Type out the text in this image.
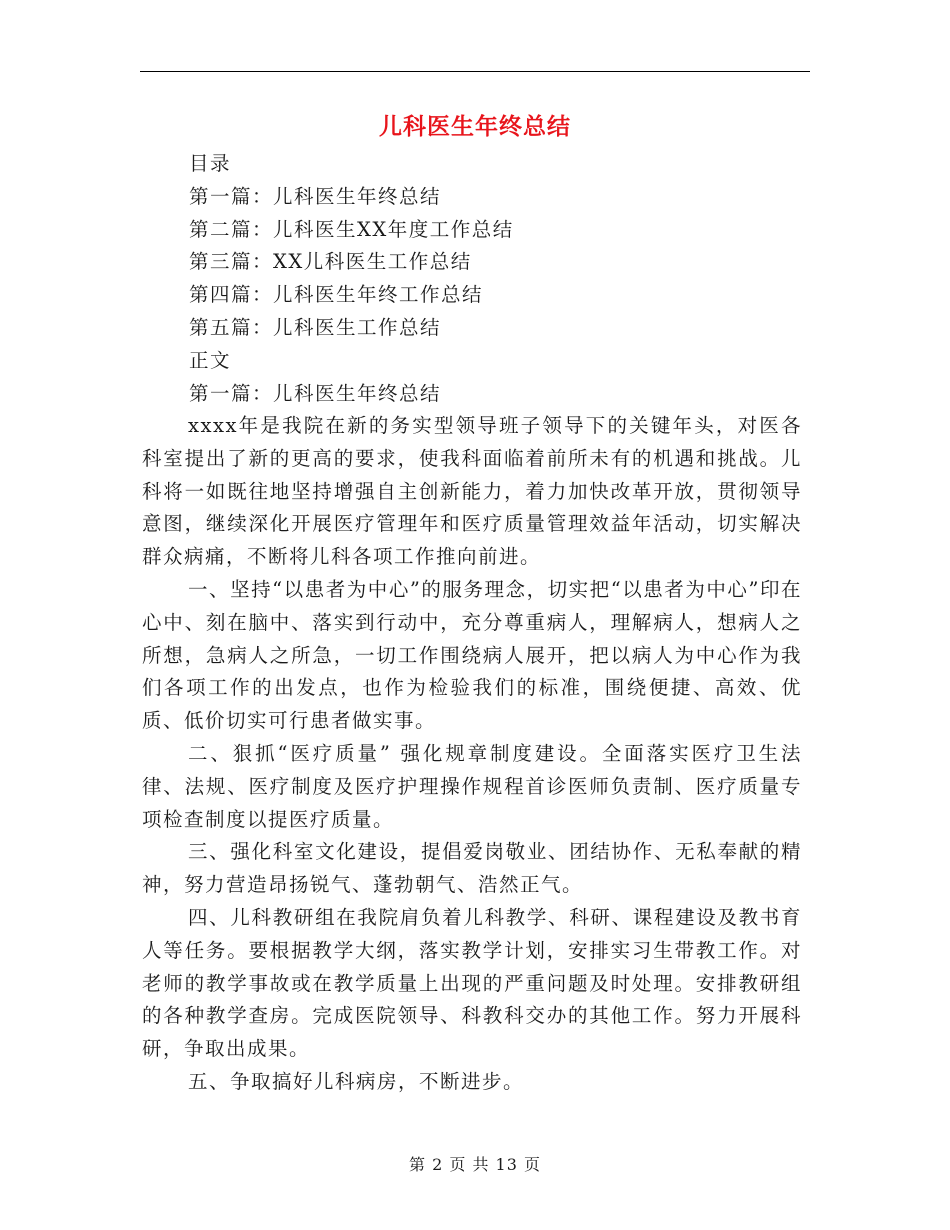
儿科医生年终总结
目录
第一篇：儿科医生年终总结
第二篇：儿科医生XX年度工作总结
第三篇：XX儿科医生工作总结
第四篇：儿科医生年终工作总结
第五篇：儿科医生工作总结
正文
第一篇：儿科医生年终总结

xxxx年是我院在新的务实型领导班子领导下的关键年头，对医各科室提出了新的更高的要求，使我科面临着前所未有的机遇和挑战。儿科将一如既往地坚持增强自主创新能力，着力加快改革开放，贯彻领导意图，继续深化开展医疗管理年和医疗质量管理效益年活动，切实解决群众病痛，不断将儿科各项工作推向前进。

一、坚持“以患者为中心”的服务理念，切实把“以患者为中心”印在心中、刻在脑中、落实到行动中，充分尊重病人，理解病人，想病人之所想，急病人之所急，一切工作围绕病人展开，把以病人为中心作为我们各项工作的出发点，也作为检验我们的标准，围绕便捷、高效、优质、低价切实可行患者做实事。

二、狠抓“医疗质量” 强化规章制度建设。全面落实医疗卫生法律、法规、医疗制度及医疗护理操作规程首诊医师负责制、医疗质量专项检查制度以提医疗质量。

三、强化科室文化建设，提倡爱岗敬业、团结协作、无私奉献的精神，努力营造昂扬锐气、蓬勃朝气、浩然正气。

四、儿科教研组在我院肩负着儿科教学、科研、课程建设及教书育人等任务。要根据教学大纲，落实教学计划，安排实习生带教工作。对老师的教学事故或在教学质量上出现的严重问题及时处理。安排教研组的各种教学查房。完成医院领导、科教科交办的其他工作。努力开展科研，争取出成果。

五、争取搞好儿科病房，不断进步。

第 2 页 共 13 页
